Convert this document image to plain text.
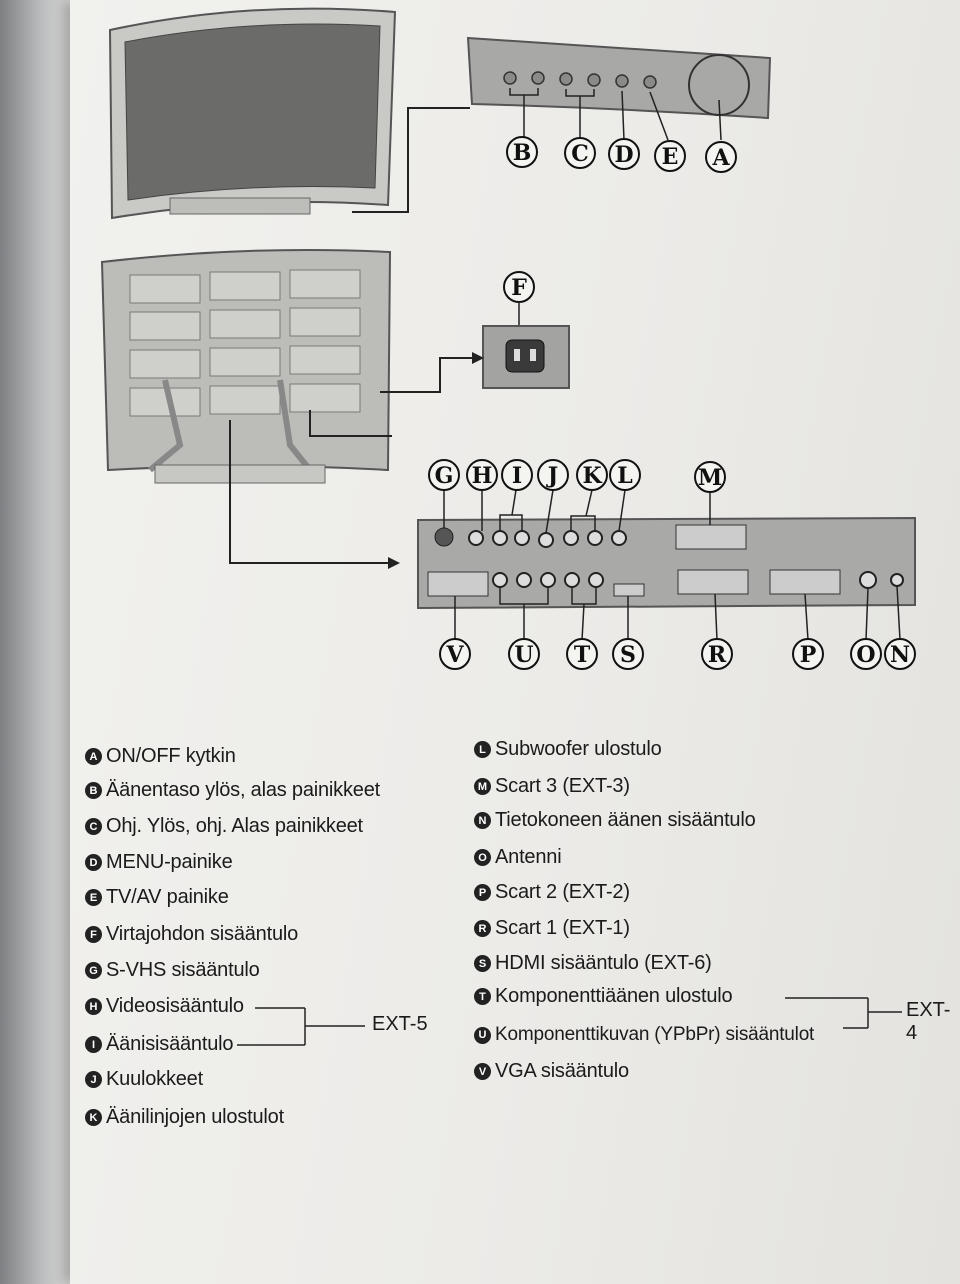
B C D E A
F
G H I J K L	M
V U T S	R	P O N
A ON/OFF kytkin
B Äänentaso ylös, alas painikkeet
C Ohj. Ylös, ohj. Alas painikkeet
D MENU-painike
E TV/AV painike
F Virtajohdon sisääntulo
G S-VHS sisääntulo
H Videosisääntulo
I Äänisisääntulo
J Kuulokkeet
K Äänilinjojen ulostulot
L Subwoofer ulostulo
M Scart 3 (EXT-3)
N Tietokoneen äänen sisääntulo
O Antenni
P Scart 2 (EXT-2)
R Scart 1 (EXT-1)
S HDMI sisääntulo (EXT-6)
T Komponenttiäänen ulostulo
U Komponenttikuvan (YPbPr) sisääntulot
V VGA sisääntulo
EXT-5
EXT-4
